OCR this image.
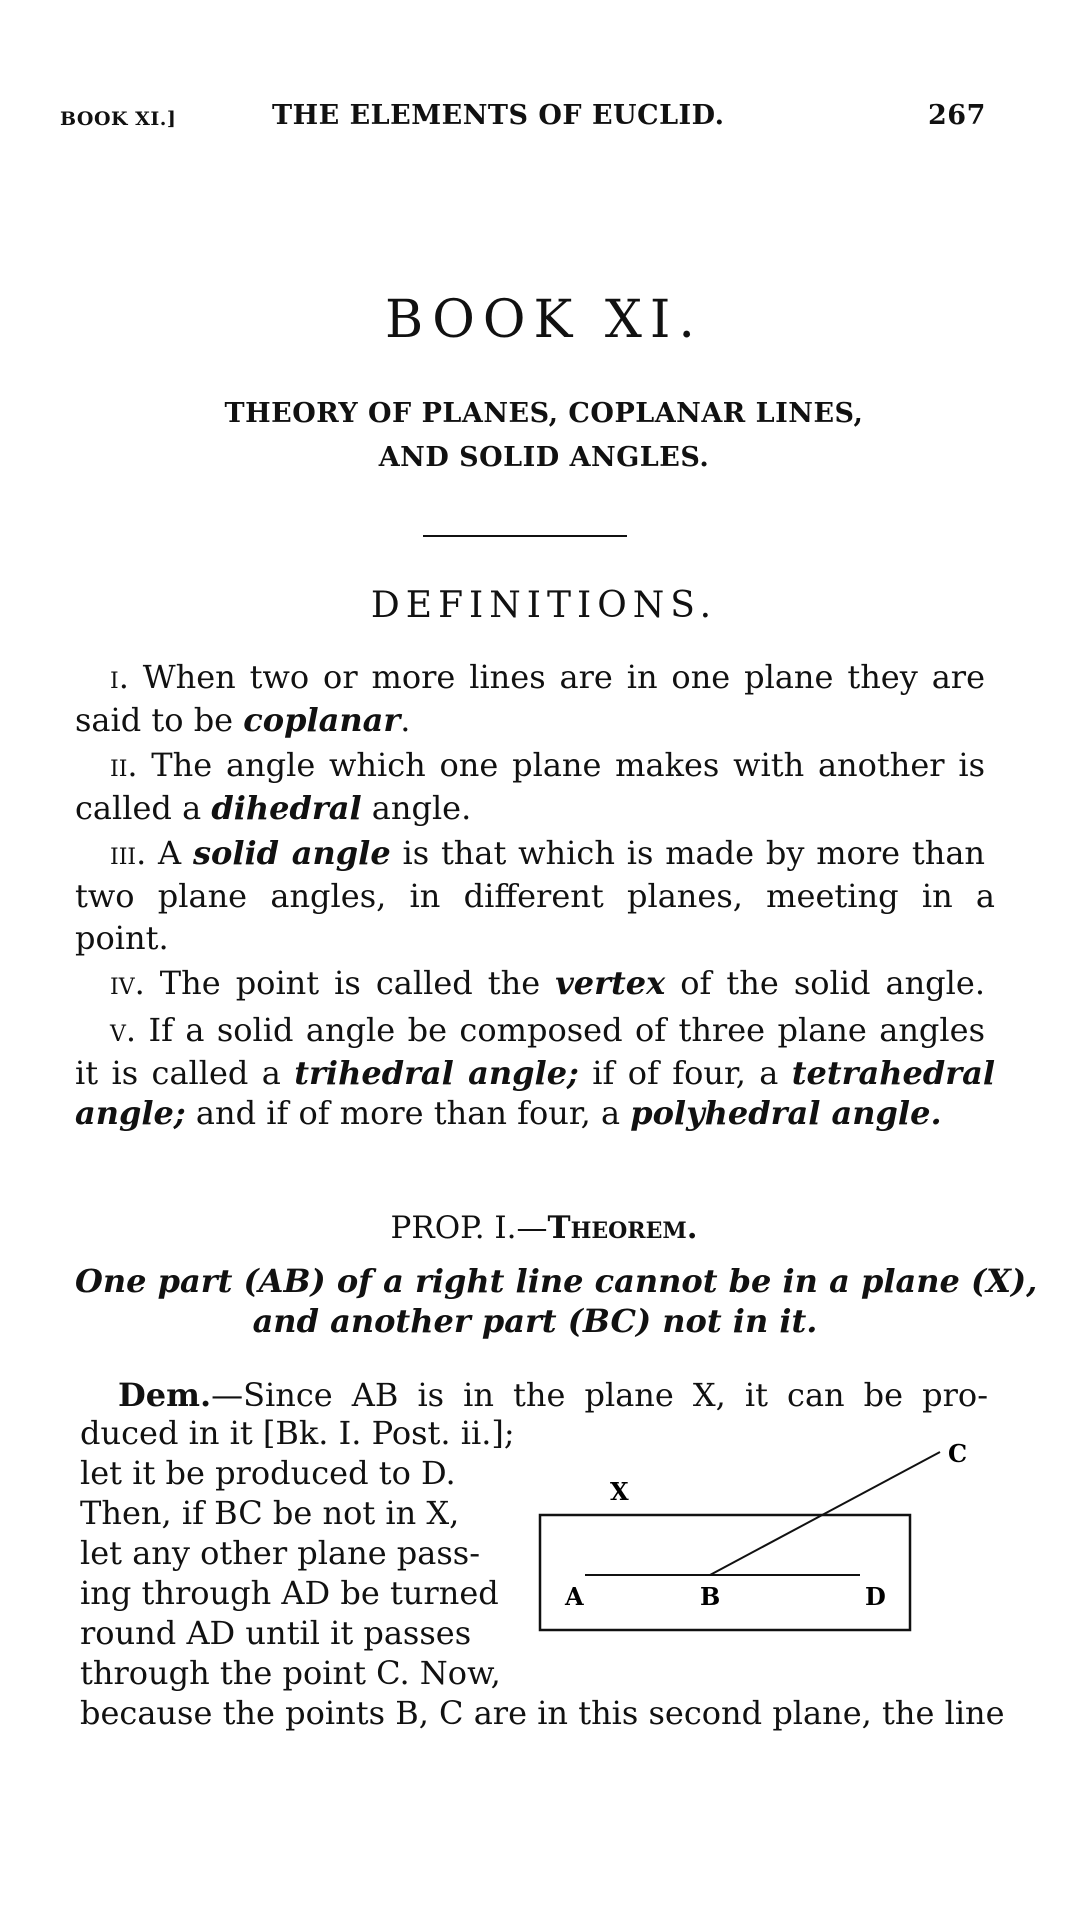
BOOK XI.]	THE ELEMENTS OF EUCLID.	267
BOOK XI.
THEORY OF PLANES, COPLANAR LINES,
AND SOLID ANGLES.
DEFINITIONS.
i. When two or more lines are in one plane they are
said to be coplanar.
ii. The angle which one plane makes with another is
called a dihedral angle.
iii. A solid angle is that which is made by more than
two plane angles, in different planes, meeting in a
point.
iv. The point is called the vertex of the solid angle.
v. If a solid angle be composed of three plane angles
it is called a trihedral angle; if of four, a tetrahedral
angle; and if of more than four, a polyhedral angle.
PROP. I.—Theorem.
One part (AB) of a right line cannot be in a plane (X),
and another part (BC) not in it.
Dem.—Since AB is in the plane X, it can be pro-
duced in it [Bk. I. Post. ii.];
let it be produced to D.
Then, if BC be not in X,
let any other plane pass-
ing through AD be turned
round AD until it passes
through the point C. Now,
because the points B, C are in this second plane, the line
X
A	B	D
C
